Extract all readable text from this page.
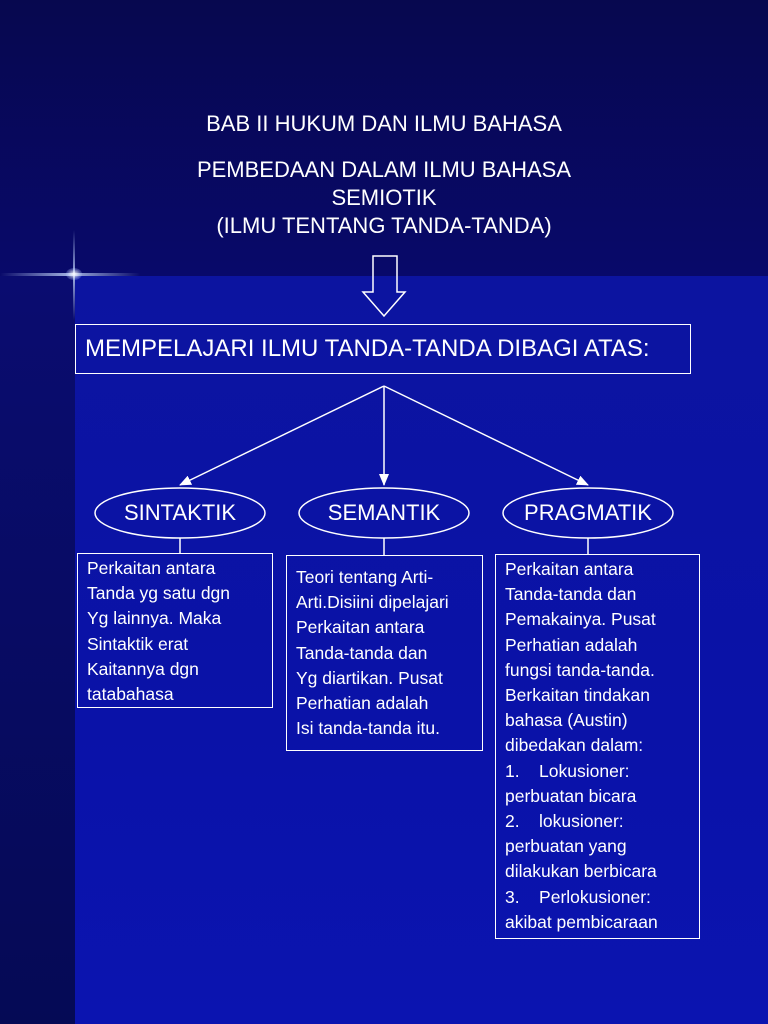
BAB II HUKUM DAN ILMU BAHASA
PEMBEDAAN DALAM ILMU BAHASA
SEMIOTIK
(ILMU TENTANG TANDA-TANDA)
MEMPELAJARI ILMU TANDA-TANDA DIBAGI ATAS:
SINTAKTIK	SEMANTIK	PRAGMATIK
Perkaitan antara
Tanda yg satu dgn
Yg lainnya. Maka
Sintaktik erat
Kaitannya dgn
tatabahasa
Teori tentang Arti-
Arti.Disiini dipelajari
Perkaitan antara
Tanda-tanda dan
Yg diartikan. Pusat
Perhatian adalah
Isi tanda-tanda itu.
Perkaitan antara
Tanda-tanda dan
Pemakainya. Pusat
Perhatian adalah
fungsi tanda-tanda.
Berkaitan tindakan
bahasa (Austin)
dibedakan dalam:
1.    Lokusioner:
perbuatan bicara
2.    lokusioner:
perbuatan yang
dilakukan berbicara
3.    Perlokusioner:
akibat pembicaraan
